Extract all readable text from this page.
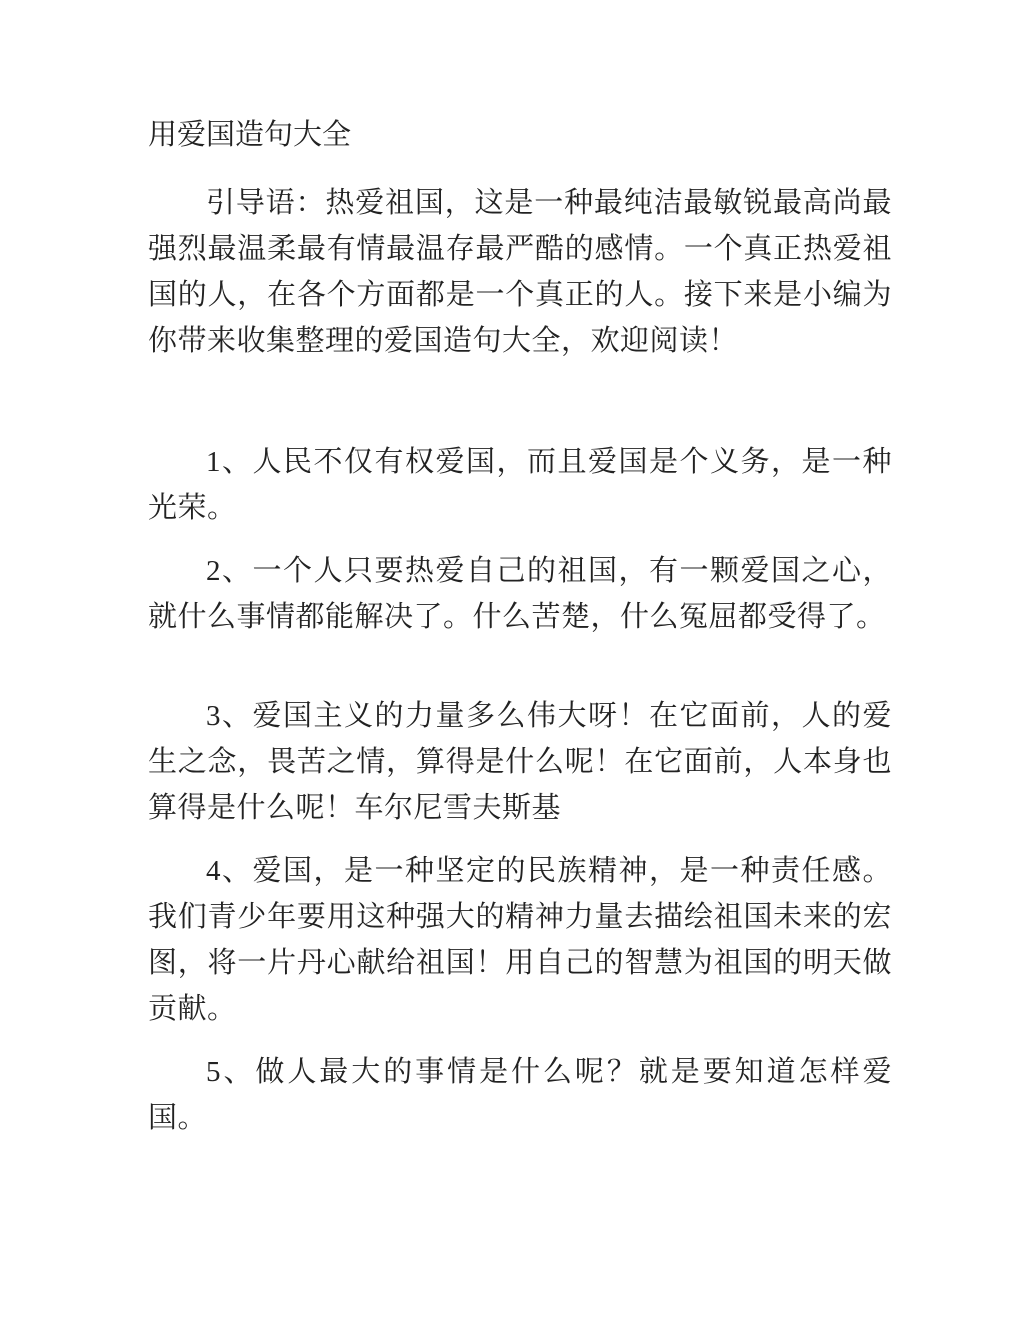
用爱国造句大全

引导语：热爱祖国，这是一种最纯洁最敏锐最高尚最强烈最温柔最有情最温存最严酷的感情。一个真正热爱祖国的人，在各个方面都是一个真正的人。接下来是小编为你带来收集整理的爱国造句大全，欢迎阅读！

1、人民不仅有权爱国，而且爱国是个义务，是一种光荣。

2、一个人只要热爱自己的祖国，有一颗爱国之心，就什么事情都能解决了。什么苦楚，什么冤屈都受得了。

3、爱国主义的力量多么伟大呀！在它面前，人的爱生之念，畏苦之情，算得是什么呢！在它面前，人本身也算得是什么呢！车尔尼雪夫斯基

4、爱国，是一种坚定的民族精神，是一种责任感。我们青少年要用这种强大的精神力量去描绘祖国未来的宏图，将一片丹心献给祖国！用自己的智慧为祖国的明天做贡献。

5、做人最大的事情是什么呢？就是要知道怎样爱国。
